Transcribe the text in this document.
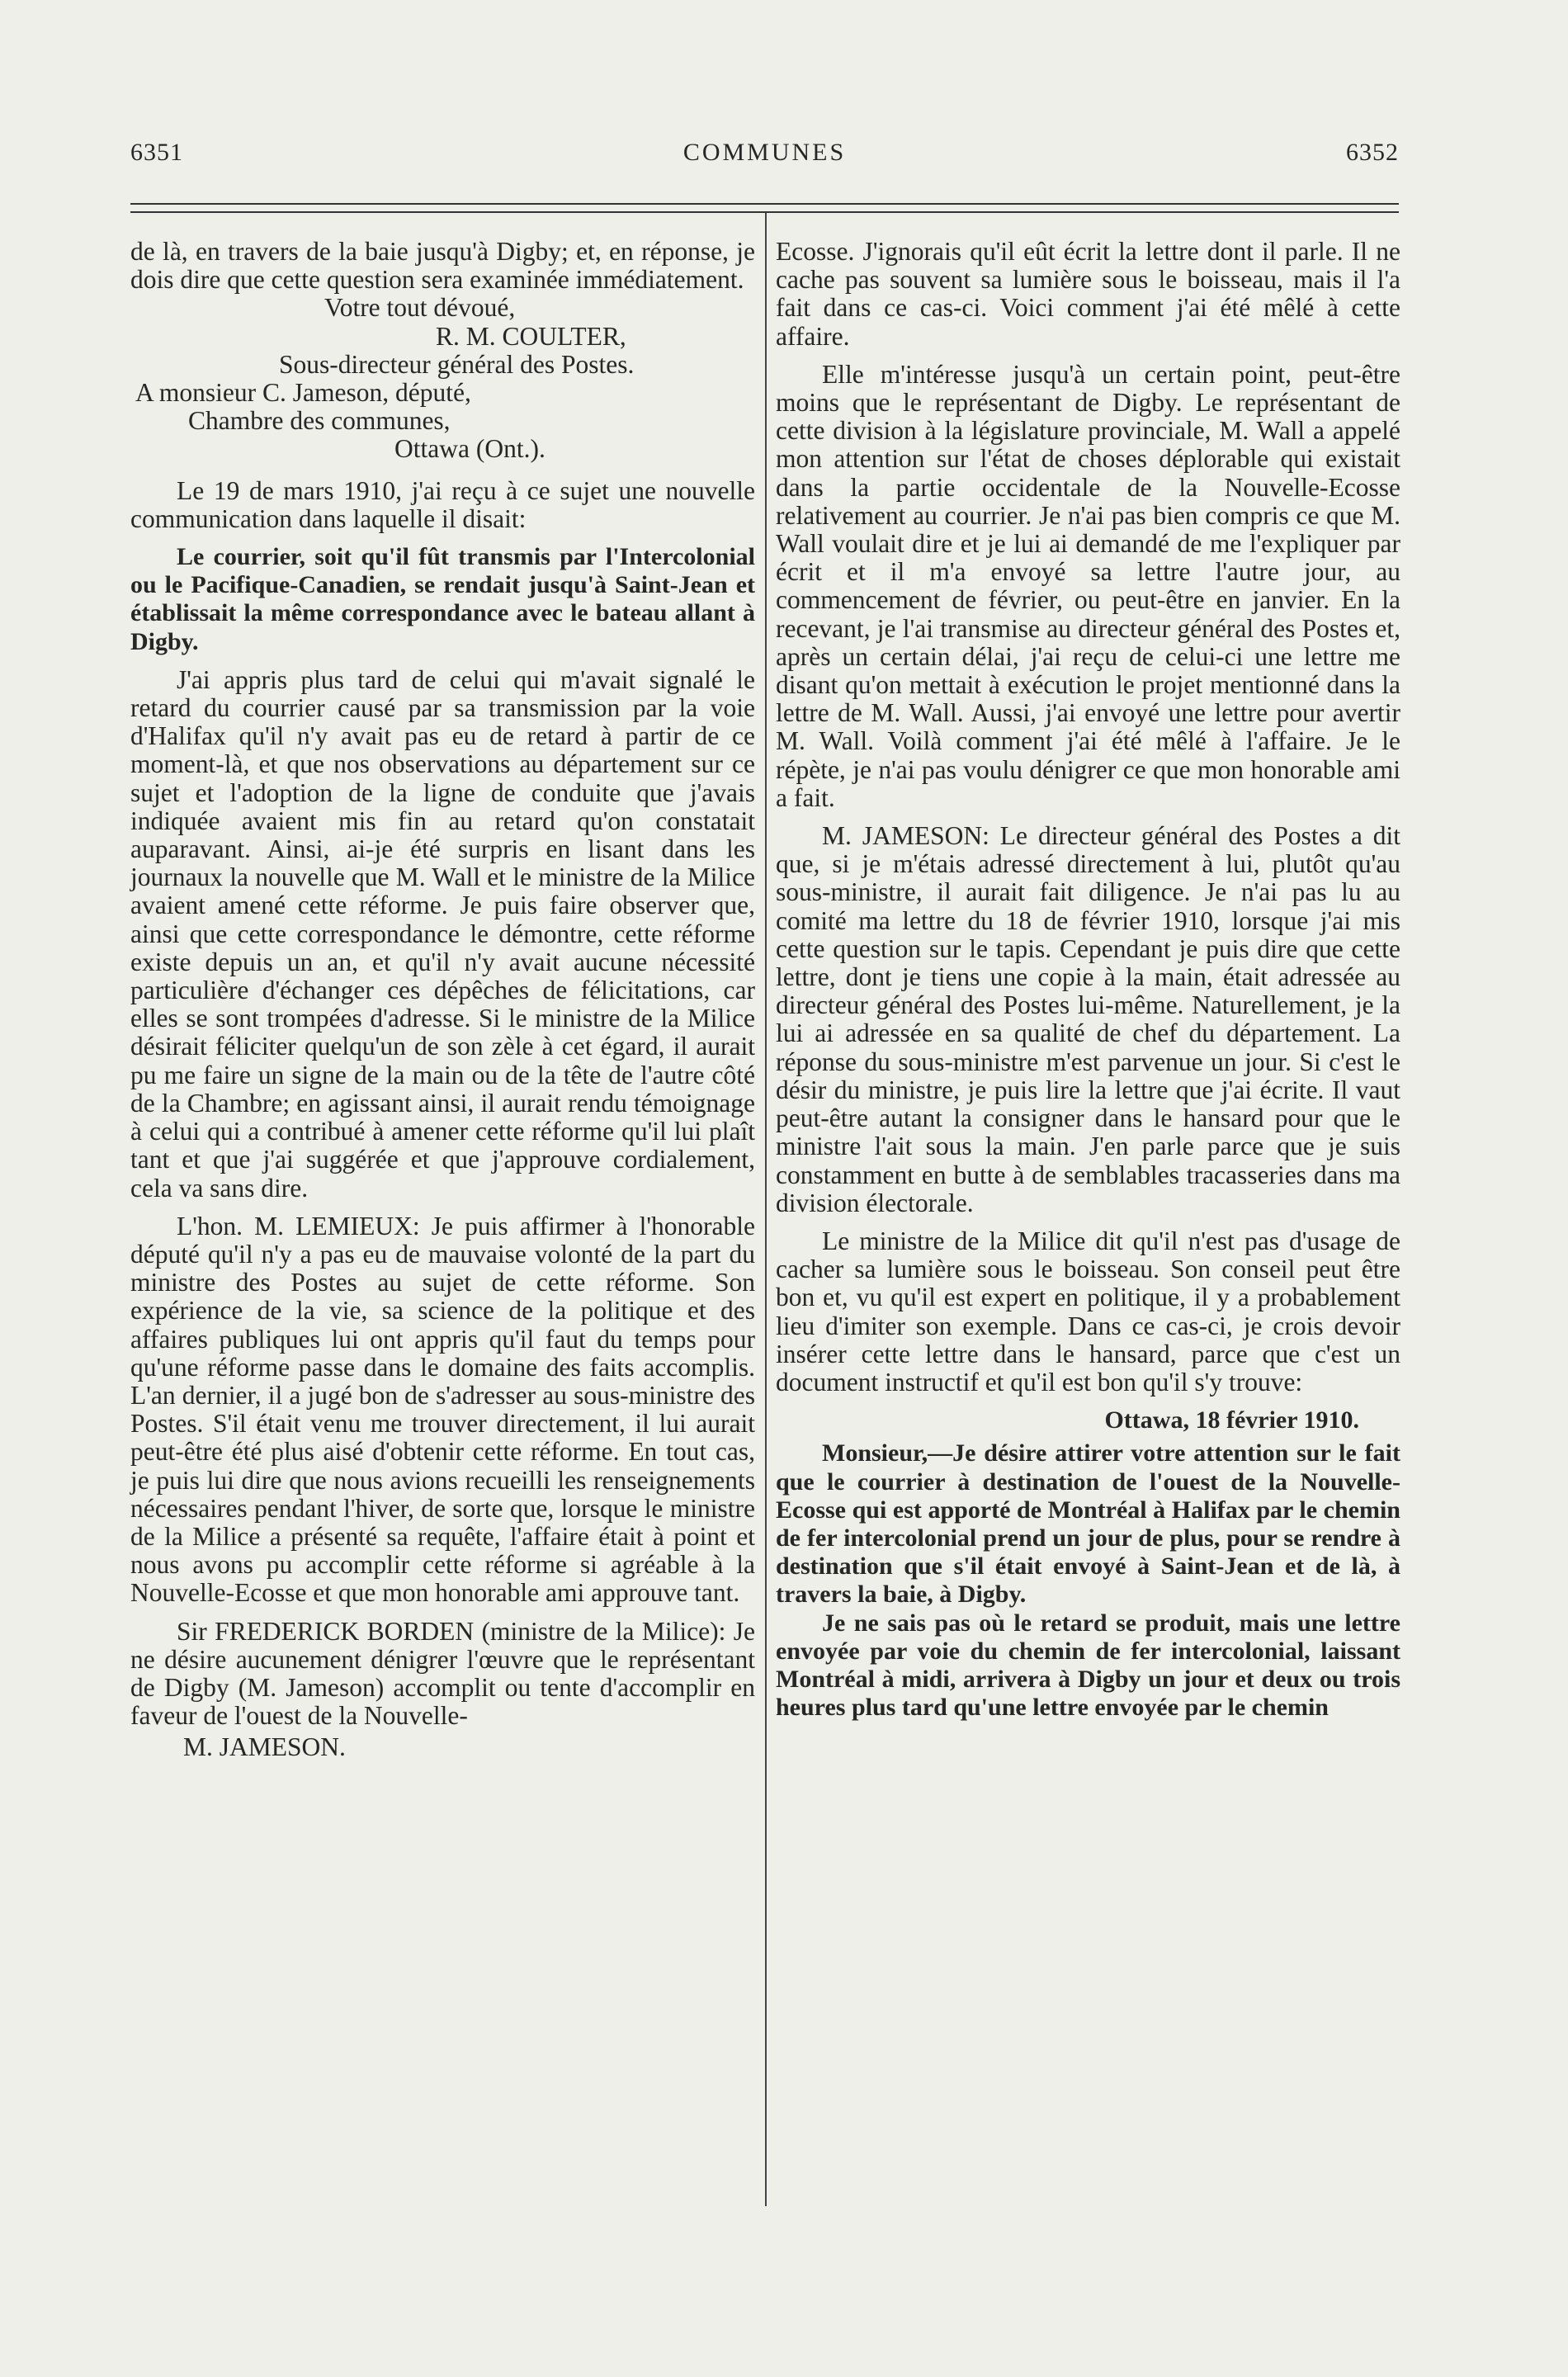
6351	COMMUNES	6352

de là, en travers de la baie jusqu'à Digby; et, en réponse, je dois dire que cette question sera examinée immédiatement.

Votre tout dévoué,
R. M. COULTER,
Sous-directeur général des Postes.
A monsieur C. Jameson, député,
Chambre des communes,
Ottawa (Ont.).

Le 19 de mars 1910, j'ai reçu à ce sujet une nouvelle communication dans laquelle il disait:

Le courrier, soit qu'il fût transmis par l'Intercolonial ou le Pacifique-Canadien, se rendait jusqu'à Saint-Jean et établissait la même correspondance avec le bateau allant à Digby.

J'ai appris plus tard de celui qui m'avait signalé le retard du courrier causé par sa transmission par la voie d'Halifax qu'il n'y avait pas eu de retard à partir de ce moment-là, et que nos observations au département sur ce sujet et l'adoption de la ligne de conduite que j'avais indiquée avaient mis fin au retard qu'on constatait auparavant. Ainsi, ai-je été surpris en lisant dans les journaux la nouvelle que M. Wall et le ministre de la Milice avaient amené cette réforme. Je puis faire observer que, ainsi que cette correspondance le démontre, cette réforme existe depuis un an, et qu'il n'y avait aucune nécessité particulière d'échanger ces dépêches de félicitations, car elles se sont trompées d'adresse. Si le ministre de la Milice désirait féliciter quelqu'un de son zèle à cet égard, il aurait pu me faire un signe de la main ou de la tête de l'autre côté de la Chambre; en agissant ainsi, il aurait rendu témoignage à celui qui a contribué à amener cette réforme qu'il lui plaît tant et que j'ai suggérée et que j'approuve cordialement, cela va sans dire.

L'hon. M. LEMIEUX: Je puis affirmer à l'honorable député qu'il n'y a pas eu de mauvaise volonté de la part du ministre des Postes au sujet de cette réforme. Son expérience de la vie, sa science de la politique et des affaires publiques lui ont appris qu'il faut du temps pour qu'une réforme passe dans le domaine des faits accomplis. L'an dernier, il a jugé bon de s'adresser au sous-ministre des Postes. S'il était venu me trouver directement, il lui aurait peut-être été plus aisé d'obtenir cette réforme. En tout cas, je puis lui dire que nous avions recueilli les renseignements nécessaires pendant l'hiver, de sorte que, lorsque le ministre de la Milice a présenté sa requête, l'affaire était à point et nous avons pu accomplir cette réforme si agréable à la Nouvelle-Ecosse et que mon honorable ami approuve tant.

Sir FREDERICK BORDEN (ministre de la Milice): Je ne désire aucunement dénigrer l'œuvre que le représentant de Digby (M. Jameson) accomplit ou tente d'accomplir en faveur de l'ouest de la Nouvelle-

M. JAMESON.

Ecosse. J'ignorais qu'il eût écrit la lettre dont il parle. Il ne cache pas souvent sa lumière sous le boisseau, mais il l'a fait dans ce cas-ci. Voici comment j'ai été mêlé à cette affaire.

Elle m'intéresse jusqu'à un certain point, peut-être moins que le représentant de Digby. Le représentant de cette division à la législature provinciale, M. Wall a appelé mon attention sur l'état de choses déplorable qui existait dans la partie occidentale de la Nouvelle-Ecosse relativement au courrier. Je n'ai pas bien compris ce que M. Wall voulait dire et je lui ai demandé de me l'expliquer par écrit et il m'a envoyé sa lettre l'autre jour, au commencement de février, ou peut-être en janvier. En la recevant, je l'ai transmise au directeur général des Postes et, après un certain délai, j'ai reçu de celui-ci une lettre me disant qu'on mettait à exécution le projet mentionné dans la lettre de M. Wall. Aussi, j'ai envoyé une lettre pour avertir M. Wall. Voilà comment j'ai été mêlé à l'affaire. Je le répète, je n'ai pas voulu dénigrer ce que mon honorable ami a fait.

M. JAMESON: Le directeur général des Postes a dit que, si je m'étais adressé directement à lui, plutôt qu'au sous-ministre, il aurait fait diligence. Je n'ai pas lu au comité ma lettre du 18 de février 1910, lorsque j'ai mis cette question sur le tapis. Cependant je puis dire que cette lettre, dont je tiens une copie à la main, était adressée au directeur général des Postes lui-même. Naturellement, je la lui ai adressée en sa qualité de chef du département. La réponse du sous-ministre m'est parvenue un jour. Si c'est le désir du ministre, je puis lire la lettre que j'ai écrite. Il vaut peut-être autant la consigner dans le hansard pour que le ministre l'ait sous la main. J'en parle parce que je suis constamment en butte à de semblables tracasseries dans ma division électorale.

Le ministre de la Milice dit qu'il n'est pas d'usage de cacher sa lumière sous le boisseau. Son conseil peut être bon et, vu qu'il est expert en politique, il y a probablement lieu d'imiter son exemple. Dans ce cas-ci, je crois devoir insérer cette lettre dans le hansard, parce que c'est un document instructif et qu'il est bon qu'il s'y trouve:

Ottawa, 18 février 1910.

Monsieur,—Je désire attirer votre attention sur le fait que le courrier à destination de l'ouest de la Nouvelle-Ecosse qui est apporté de Montréal à Halifax par le chemin de fer intercolonial prend un jour de plus, pour se rendre à destination que s'il était envoyé à Saint-Jean et de là, à travers la baie, à Digby.

Je ne sais pas où le retard se produit, mais une lettre envoyée par voie du chemin de fer intercolonial, laissant Montréal à midi, arrivera à Digby un jour et deux ou trois heures plus tard qu'une lettre envoyée par le chemin
